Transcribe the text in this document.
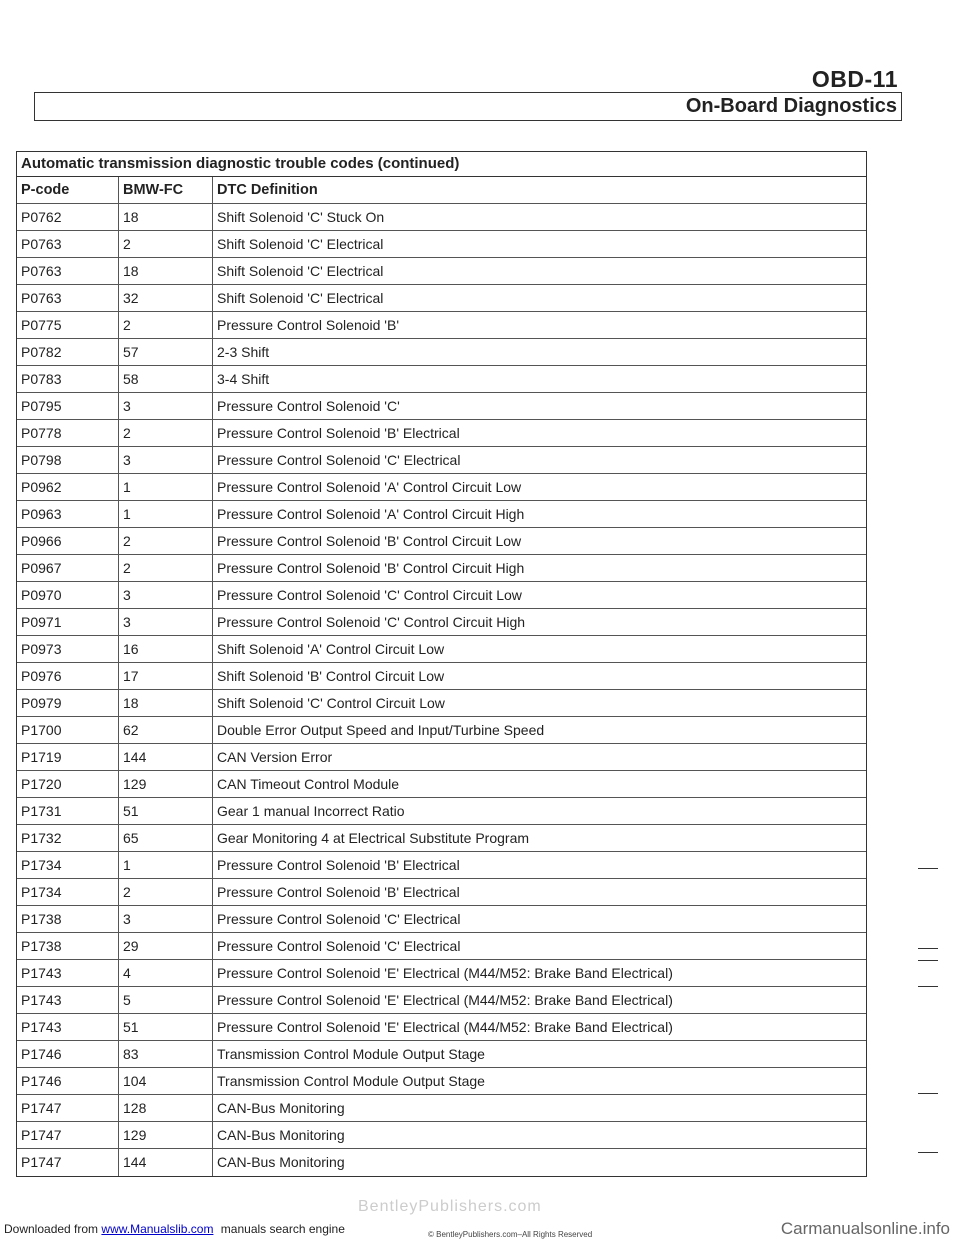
OBD-11
On-Board Diagnostics
Automatic transmission diagnostic trouble codes (continued)
P-code	BMW-FC	DTC Definition
P0762	18	Shift Solenoid 'C' Stuck On
P0763	2	Shift Solenoid 'C' Electrical
P0763	18	Shift Solenoid 'C' Electrical
P0763	32	Shift Solenoid 'C' Electrical
P0775	2	Pressure Control Solenoid 'B'
P0782	57	2-3 Shift
P0783	58	3-4 Shift
P0795	3	Pressure Control Solenoid 'C'
P0778	2	Pressure Control Solenoid 'B' Electrical
P0798	3	Pressure Control Solenoid 'C' Electrical
P0962	1	Pressure Control Solenoid 'A' Control Circuit Low
P0963	1	Pressure Control Solenoid 'A' Control Circuit High
P0966	2	Pressure Control Solenoid 'B' Control Circuit Low
P0967	2	Pressure Control Solenoid 'B' Control Circuit High
P0970	3	Pressure Control Solenoid 'C' Control Circuit Low
P0971	3	Pressure Control Solenoid 'C' Control Circuit High
P0973	16	Shift Solenoid 'A' Control Circuit Low
P0976	17	Shift Solenoid 'B' Control Circuit Low
P0979	18	Shift Solenoid 'C' Control Circuit Low
P1700	62	Double Error Output Speed and Input/Turbine Speed
P1719	144	CAN Version Error
P1720	129	CAN Timeout Control Module
P1731	51	Gear 1 manual Incorrect Ratio
P1732	65	Gear Monitoring 4 at Electrical Substitute Program
P1734	1	Pressure Control Solenoid 'B' Electrical
P1734	2	Pressure Control Solenoid 'B' Electrical
P1738	3	Pressure Control Solenoid 'C' Electrical
P1738	29	Pressure Control Solenoid 'C' Electrical
P1743	4	Pressure Control Solenoid 'E' Electrical (M44/M52: Brake Band Electrical)
P1743	5	Pressure Control Solenoid 'E' Electrical (M44/M52: Brake Band Electrical)
P1743	51	Pressure Control Solenoid 'E' Electrical (M44/M52: Brake Band Electrical)
P1746	83	Transmission Control Module Output Stage
P1746	104	Transmission Control Module Output Stage
P1747	128	CAN-Bus Monitoring
P1747	129	CAN-Bus Monitoring
P1747	144	CAN-Bus Monitoring
BentleyPublishers.com
Downloaded from www.Manualslib.com manuals search engine	© BentleyPublishers.com–All Rights Reserved	Carmanualsonline.info
